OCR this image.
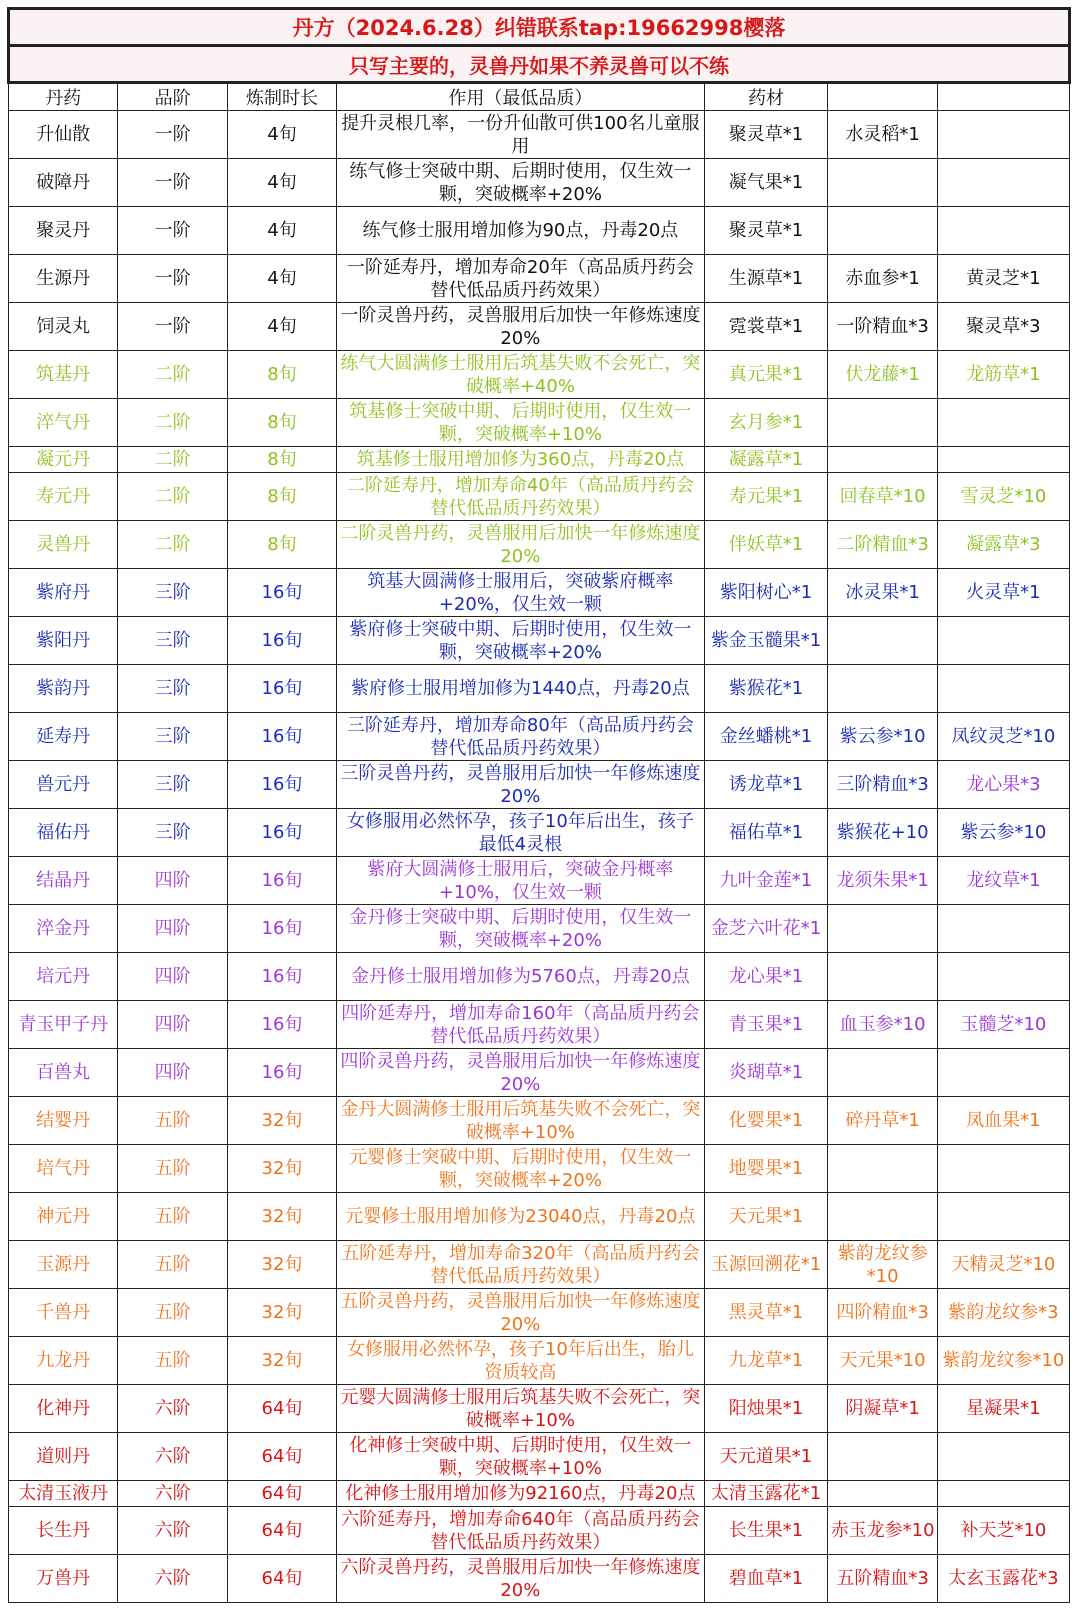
丹方（2024.6.28）纠错联系tap:19662998樱落						
只写主要的，灵兽丹如果不养灵兽可以不练						
丹药	品阶	炼制时长	作用（最低品质）	药材		
升仙散	一阶	4旬	提升灵根几率，一份升仙散可供100名儿童服用	聚灵草*1	水灵稻*1	
破障丹	一阶	4旬	练气修士突破中期、后期时使用，仅生效一颗，突破概率+20%	凝气果*1		
聚灵丹	一阶	4旬	练气修士服用增加修为90点，丹毒20点	聚灵草*1		
生源丹	一阶	4旬	一阶延寿丹，增加寿命20年（高品质丹药会替代低品质丹药效果）	生源草*1	赤血参*1	黄灵芝*1
饲灵丸	一阶	4旬	一阶灵兽丹药，灵兽服用后加快一年修炼速度20%	霓裳草*1	一阶精血*3	聚灵草*3
筑基丹	二阶	8旬	练气大圆满修士服用后筑基失败不会死亡，突破概率+40%	真元果*1	伏龙藤*1	龙筋草*1
淬气丹	二阶	8旬	筑基修士突破中期、后期时使用，仅生效一颗，突破概率+10%	玄月参*1		
凝元丹	二阶	8旬	筑基修士服用增加修为360点，丹毒20点	凝露草*1		
寿元丹	二阶	8旬	二阶延寿丹，增加寿命40年（高品质丹药会替代低品质丹药效果）	寿元果*1	回春草*10	雪灵芝*10
灵兽丹	二阶	8旬	二阶灵兽丹药，灵兽服用后加快一年修炼速度20%	伴妖草*1	二阶精血*3	凝露草*3
紫府丹	三阶	16旬	筑基大圆满修士服用后，突破紫府概率+20%，仅生效一颗	紫阳树心*1	冰灵果*1	火灵草*1
紫阳丹	三阶	16旬	紫府修士突破中期、后期时使用，仅生效一颗，突破概率+20%	紫金玉髓果*1		
紫韵丹	三阶	16旬	紫府修士服用增加修为1440点，丹毒20点	紫猴花*1		
延寿丹	三阶	16旬	三阶延寿丹，增加寿命80年（高品质丹药会替代低品质丹药效果）	金丝蟠桃*1	紫云参*10	凤纹灵芝*10
兽元丹	三阶	16旬	三阶灵兽丹药，灵兽服用后加快一年修炼速度20%	诱龙草*1	三阶精血*3	龙心果*3
福佑丹	三阶	16旬	女修服用必然怀孕，孩子10年后出生，孩子最低4灵根	福佑草*1	紫猴花+10	紫云参*10
结晶丹	四阶	16旬	紫府大圆满修士服用后，突破金丹概率+10%，仅生效一颗	九叶金莲*1	龙须朱果*1	龙纹草*1
淬金丹	四阶	16旬	金丹修士突破中期、后期时使用，仅生效一颗，突破概率+20%	金芝六叶花*1		
培元丹	四阶	16旬	金丹修士服用增加修为5760点，丹毒20点	龙心果*1		
青玉甲子丹	四阶	16旬	四阶延寿丹，增加寿命160年（高品质丹药会替代低品质丹药效果）	青玉果*1	血玉参*10	玉髓芝*10
百兽丸	四阶	16旬	四阶灵兽丹药，灵兽服用后加快一年修炼速度20%	炎瑚草*1		
结婴丹	五阶	32旬	金丹大圆满修士服用后筑基失败不会死亡，突破概率+10%	化婴果*1	碎丹草*1	凤血果*1
培气丹	五阶	32旬	元婴修士突破中期、后期时使用，仅生效一颗，突破概率+20%	地婴果*1		
神元丹	五阶	32旬	元婴修士服用增加修为23040点，丹毒20点	天元果*1		
玉源丹	五阶	32旬	五阶延寿丹，增加寿命320年（高品质丹药会替代低品质丹药效果）	玉源回溯花*1	紫韵龙纹参*10	天精灵芝*10
千兽丹	五阶	32旬	五阶灵兽丹药，灵兽服用后加快一年修炼速度20%	黑灵草*1	四阶精血*3	紫韵龙纹参*3
九龙丹	五阶	32旬	女修服用必然怀孕，孩子10年后出生，胎儿资质较高	九龙草*1	天元果*10	紫韵龙纹参*10
化神丹	六阶	64旬	元婴大圆满修士服用后筑基失败不会死亡，突破概率+10%	阳烛果*1	阴凝草*1	星凝果*1
道则丹	六阶	64旬	化神修士突破中期、后期时使用，仅生效一颗，突破概率+10%	天元道果*1		
太清玉液丹	六阶	64旬	化神修士服用增加修为92160点，丹毒20点	太清玉露花*1		
长生丹	六阶	64旬	六阶延寿丹，增加寿命640年（高品质丹药会替代低品质丹药效果）	长生果*1	赤玉龙参*10	补天芝*10
万兽丹	六阶	64旬	六阶灵兽丹药，灵兽服用后加快一年修炼速度20%	碧血草*1	五阶精血*3	太玄玉露花*3
